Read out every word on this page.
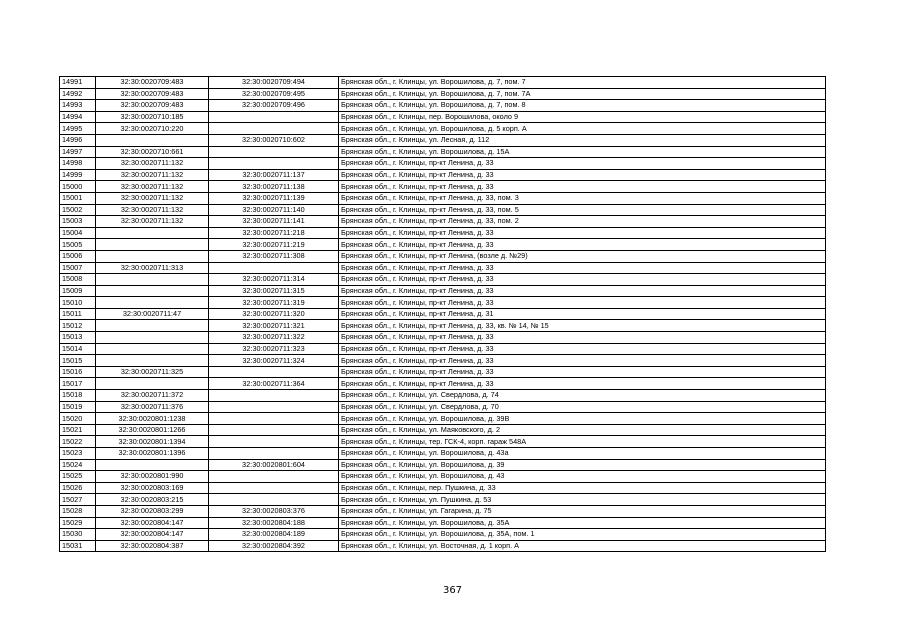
14991	32:30:0020709:483	32:30:0020709:494	Брянская обл., г. Клинцы, ул. Ворошилова, д. 7, пом. 7
14992	32:30:0020709:483	32:30:0020709:495	Брянская обл., г. Клинцы, ул. Ворошилова, д. 7, пом. 7А
14993	32:30:0020709:483	32:30:0020709:496	Брянская обл., г. Клинцы, ул. Ворошилова, д. 7, пом. 8
14994	32:30:0020710:185		Брянская обл., г. Клинцы, пер. Ворошилова, около 9
14995	32:30:0020710:220		Брянская обл., г. Клинцы, ул. Ворошилова, д. 5 корп. А
14996		32:30:0020710:602	Брянская обл., г. Клинцы, ул. Лесная, д. 112
14997	32:30:0020710:661		Брянская обл., г. Клинцы, ул. Ворошилова, д. 15А
14998	32:30:0020711:132		Брянская обл., г. Клинцы, пр-кт Ленина, д. 33
14999	32:30:0020711:132	32:30:0020711:137	Брянская обл., г. Клинцы, пр-кт Ленина, д. 33
15000	32:30:0020711:132	32:30:0020711:138	Брянская обл., г. Клинцы, пр-кт Ленина, д. 33
15001	32:30:0020711:132	32:30:0020711:139	Брянская обл., г. Клинцы, пр-кт Ленина, д. 33, пом. 3
15002	32:30:0020711:132	32:30:0020711:140	Брянская обл., г. Клинцы, пр-кт Ленина, д. 33, пом. 5
15003	32:30:0020711:132	32:30:0020711:141	Брянская обл., г. Клинцы, пр-кт Ленина, д. 33, пом. 2
15004		32:30:0020711:218	Брянская обл., г. Клинцы, пр-кт Ленина, д. 33
15005		32:30:0020711:219	Брянская обл., г. Клинцы, пр-кт Ленина, д. 33
15006		32:30:0020711:308	Брянская обл., г. Клинцы, пр-кт Ленина, (возле д. №29)
15007	32:30:0020711:313		Брянская обл., г. Клинцы, пр-кт Ленина, д. 33
15008		32:30:0020711:314	Брянская обл., г. Клинцы, пр-кт Ленина, д. 33
15009		32:30:0020711:315	Брянская обл., г. Клинцы, пр-кт Ленина, д. 33
15010		32:30:0020711:319	Брянская обл., г. Клинцы, пр-кт Ленина, д. 33
15011	32:30:0020711:47	32:30:0020711:320	Брянская обл., г. Клинцы, пр-кт Ленина, д. 31
15012		32:30:0020711:321	Брянская обл., г. Клинцы, пр-кт Ленина, д. 33, кв. № 14, № 15
15013		32:30:0020711:322	Брянская обл., г. Клинцы, пр-кт Ленина, д. 33
15014		32:30:0020711:323	Брянская обл., г. Клинцы, пр-кт Ленина, д. 33
15015		32:30:0020711:324	Брянская обл., г. Клинцы, пр-кт Ленина, д. 33
15016	32:30:0020711:325		Брянская обл., г. Клинцы, пр-кт Ленина, д. 33
15017		32:30:0020711:364	Брянская обл., г. Клинцы, пр-кт Ленина, д. 33
15018	32:30:0020711:372		Брянская обл., г. Клинцы, ул. Свердлова, д. 74
15019	32:30:0020711:376		Брянская обл., г. Клинцы, ул. Свердлова, д. 70
15020	32:30:0020801:1238		Брянская обл., г. Клинцы, ул. Ворошилова, д. 39В
15021	32:30:0020801:1266		Брянская обл., г. Клинцы, ул. Маяковского, д. 2
15022	32:30:0020801:1394		Брянская обл., г. Клинцы, тер. ГСК-4, корп. гараж 548А
15023	32:30:0020801:1396		Брянская обл., г. Клинцы, ул. Ворошилова, д. 43а
15024		32:30:0020801:604	Брянская обл., г. Клинцы, ул. Ворошилова, д. 39
15025	32:30:0020801:990		Брянская обл., г. Клинцы, ул. Ворошилова, д. 43
15026	32:30:0020803:169		Брянская обл., г. Клинцы, пер. Пушкина, д. 33
15027	32:30:0020803:215		Брянская обл., г. Клинцы, ул. Пушкина, д. 53
15028	32:30:0020803:299	32:30:0020803:376	Брянская обл., г. Клинцы, ул. Гагарина, д. 75
15029	32:30:0020804:147	32:30:0020804:188	Брянская обл., г. Клинцы, ул. Ворошилова, д. 35А
15030	32:30:0020804:147	32:30:0020804:189	Брянская обл., г. Клинцы, ул. Ворошилова, д. 35А, пом. 1
15031	32:30:0020804:387	32:30:0020804:392	Брянская обл., г. Клинцы, ул. Восточная, д. 1 корп. А
367
